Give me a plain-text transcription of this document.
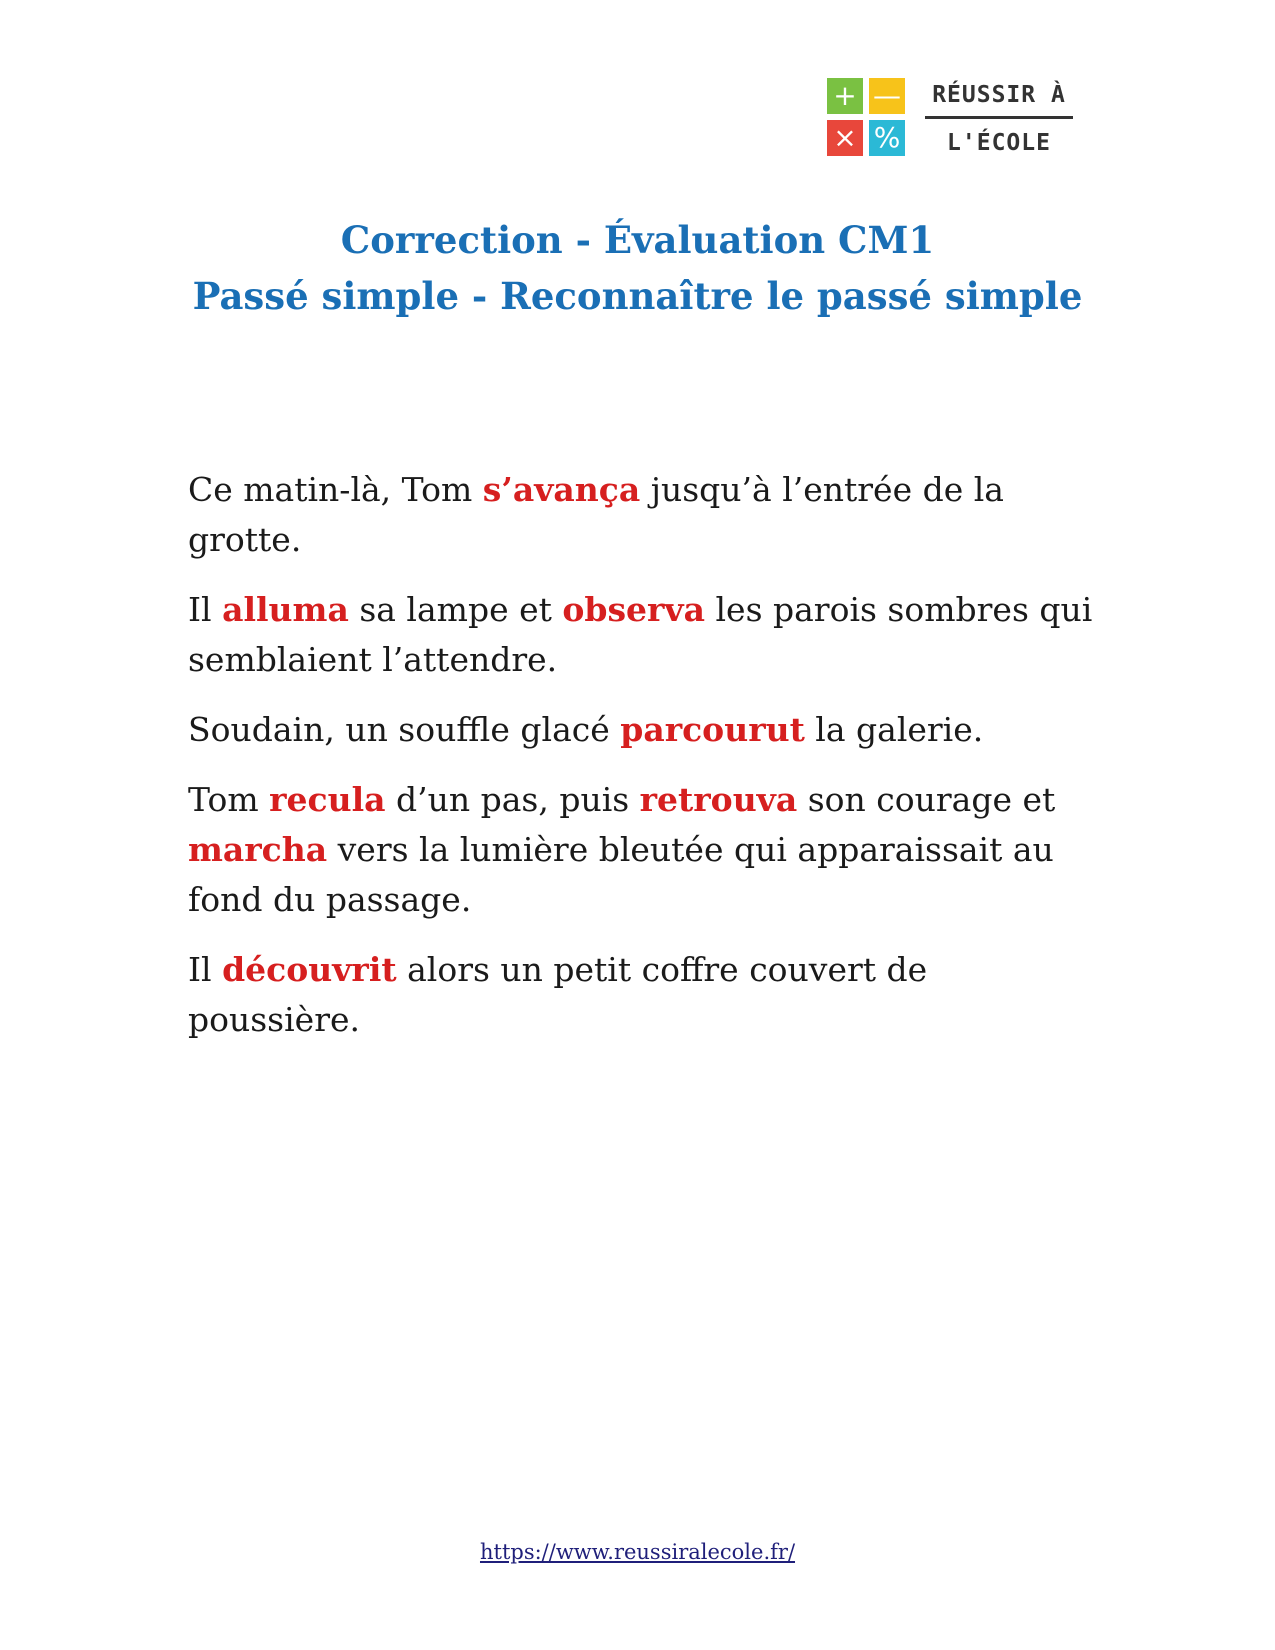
+ —
× %
RÉUSSIR À
L'ÉCOLE
Correction - Évaluation CM1
Passé simple - Reconnaître le passé simple

Ce matin-là, Tom s’avança jusqu’à l’entrée de la grotte.

Il alluma sa lampe et observa les parois sombres qui semblaient l’attendre.

Soudain, un souffle glacé parcourut la galerie.

Tom recula d’un pas, puis retrouva son courage et marcha vers la lumière bleutée qui apparaissait au fond du passage.

Il découvrit alors un petit coffre couvert de poussière.

https://www.reussiralecole.fr/
